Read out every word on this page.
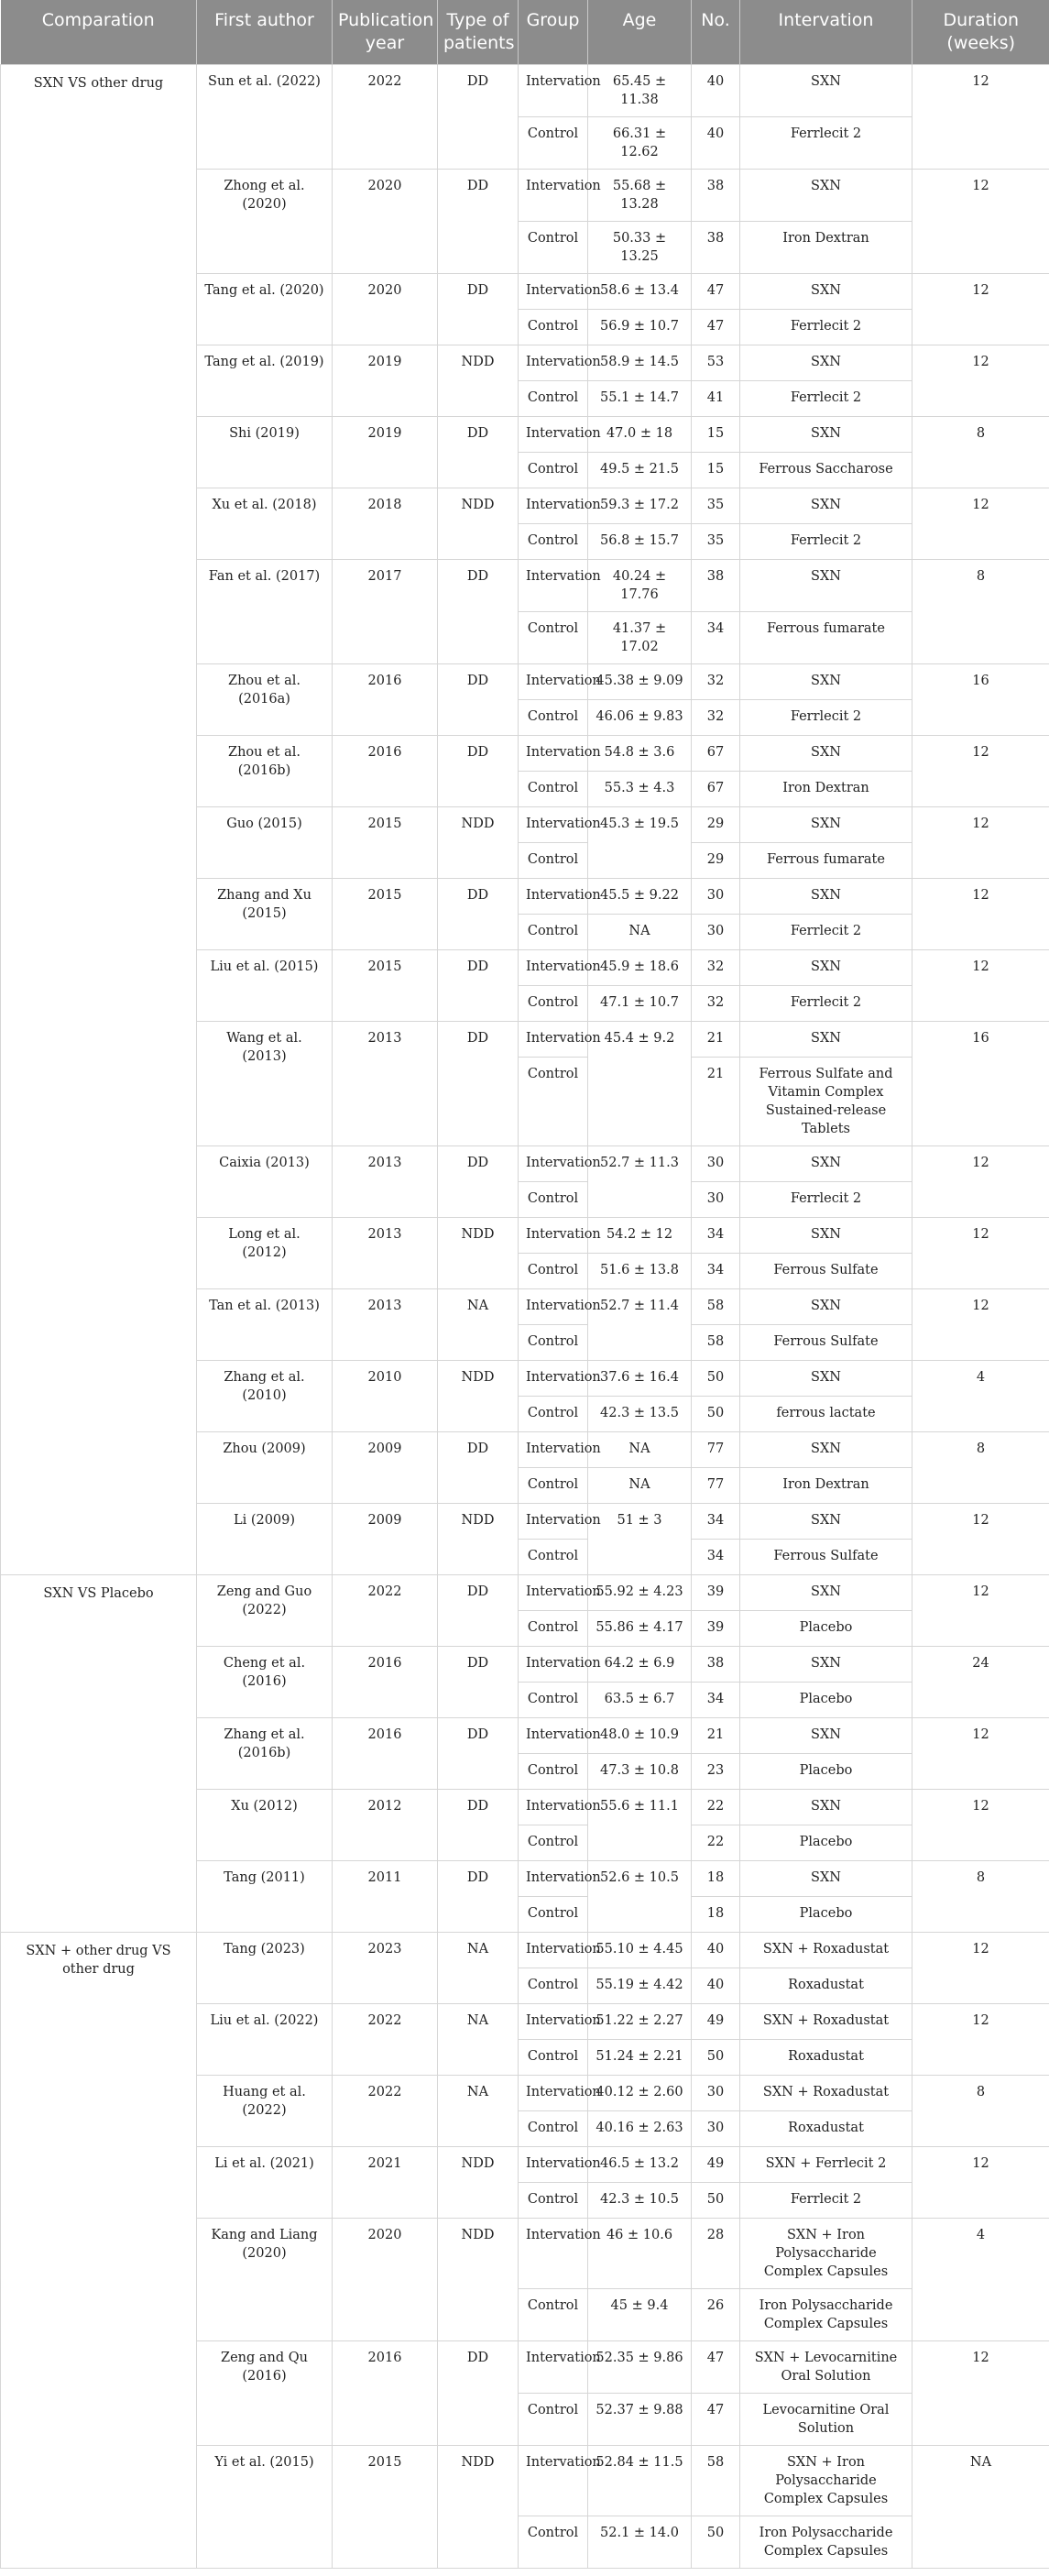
Comparation	First author	Publication year	Type of patients	Group	Age	No.	Intervation	Duration (weeks)
SXN VS other drug	Sun et al. (2022)	2022	DD	Intervation	65.45 ± 11.38	40	SXN	12
				Control	66.31 ± 12.62	40	Ferrlecit 2	
	Zhong et al. (2020)	2020	DD	Intervation	55.68 ± 13.28	38	SXN	12
				Control	50.33 ± 13.25	38	Iron Dextran	
	Tang et al. (2020)	2020	DD	Intervation	58.6 ± 13.4	47	SXN	12
				Control	56.9 ± 10.7	47	Ferrlecit 2	
	Tang et al. (2019)	2019	NDD	Intervation	58.9 ± 14.5	53	SXN	12
				Control	55.1 ± 14.7	41	Ferrlecit 2	
	Shi (2019)	2019	DD	Intervation	47.0 ± 18	15	SXN	8
				Control	49.5 ± 21.5	15	Ferrous Saccharose	
	Xu et al. (2018)	2018	NDD	Intervation	59.3 ± 17.2	35	SXN	12
				Control	56.8 ± 15.7	35	Ferrlecit 2	
	Fan et al. (2017)	2017	DD	Intervation	40.24 ± 17.76	38	SXN	8
				Control	41.37 ± 17.02	34	Ferrous fumarate	
	Zhou et al. (2016a)	2016	DD	Intervation	45.38 ± 9.09	32	SXN	16
				Control	46.06 ± 9.83	32	Ferrlecit 2	
	Zhou et al. (2016b)	2016	DD	Intervation	54.8 ± 3.6	67	SXN	12
				Control	55.3 ± 4.3	67	Iron Dextran	
	Guo (2015)	2015	NDD	Intervation	45.3 ± 19.5	29	SXN	12
				Control		29	Ferrous fumarate	
	Zhang and Xu (2015)	2015	DD	Intervation	45.5 ± 9.22	30	SXN	12
				Control	NA	30	Ferrlecit 2	
	Liu et al. (2015)	2015	DD	Intervation	45.9 ± 18.6	32	SXN	12
				Control	47.1 ± 10.7	32	Ferrlecit 2	
	Wang et al. (2013)	2013	DD	Intervation	45.4 ± 9.2	21	SXN	16
				Control		21	Ferrous Sulfate and Vitamin Complex Sustained-release Tablets	
	Caixia (2013)	2013	DD	Intervation	52.7 ± 11.3	30	SXN	12
				Control		30	Ferrlecit 2	
	Long et al. (2012)	2013	NDD	Intervation	54.2 ± 12	34	SXN	12
				Control	51.6 ± 13.8	34	Ferrous Sulfate	
	Tan et al. (2013)	2013	NA	Intervation	52.7 ± 11.4	58	SXN	12
				Control		58	Ferrous Sulfate	
	Zhang et al. (2010)	2010	NDD	Intervation	37.6 ± 16.4	50	SXN	4
				Control	42.3 ± 13.5	50	ferrous lactate	
	Zhou (2009)	2009	DD	Intervation	NA	77	SXN	8
				Control	NA	77	Iron Dextran	
	Li (2009)	2009	NDD	Intervation	51 ± 3	34	SXN	12
				Control		34	Ferrous Sulfate	
SXN VS Placebo	Zeng and Guo (2022)	2022	DD	Intervation	55.92 ± 4.23	39	SXN	12
				Control	55.86 ± 4.17	39	Placebo	
	Cheng et al. (2016)	2016	DD	Intervation	64.2 ± 6.9	38	SXN	24
				Control	63.5 ± 6.7	34	Placebo	
	Zhang et al. (2016b)	2016	DD	Intervation	48.0 ± 10.9	21	SXN	12
				Control	47.3 ± 10.8	23	Placebo	
	Xu (2012)	2012	DD	Intervation	55.6 ± 11.1	22	SXN	12
				Control		22	Placebo	
	Tang (2011)	2011	DD	Intervation	52.6 ± 10.5	18	SXN	8
				Control		18	Placebo	
SXN + other drug VS other drug	Tang (2023)	2023	NA	Intervation	55.10 ± 4.45	40	SXN + Roxadustat	12
				Control	55.19 ± 4.42	40	Roxadustat	
	Liu et al. (2022)	2022	NA	Intervation	51.22 ± 2.27	49	SXN + Roxadustat	12
				Control	51.24 ± 2.21	50	Roxadustat	
	Huang et al. (2022)	2022	NA	Intervation	40.12 ± 2.60	30	SXN + Roxadustat	8
				Control	40.16 ± 2.63	30	Roxadustat	
	Li et al. (2021)	2021	NDD	Intervation	46.5 ± 13.2	49	SXN + Ferrlecit 2	12
				Control	42.3 ± 10.5	50	Ferrlecit 2	
	Kang and Liang (2020)	2020	NDD	Intervation	46 ± 10.6	28	SXN + Iron Polysaccharide Complex Capsules	4
				Control	45 ± 9.4	26	Iron Polysaccharide Complex Capsules	
	Zeng and Qu (2016)	2016	DD	Intervation	52.35 ± 9.86	47	SXN + Levocarnitine Oral Solution	12
				Control	52.37 ± 9.88	47	Levocarnitine Oral Solution	
	Yi et al. (2015)	2015	NDD	Intervation	52.84 ± 11.5	58	SXN + Iron Polysaccharide Complex Capsules	NA
				Control	52.1 ± 14.0	50	Iron Polysaccharide Complex Capsules	
